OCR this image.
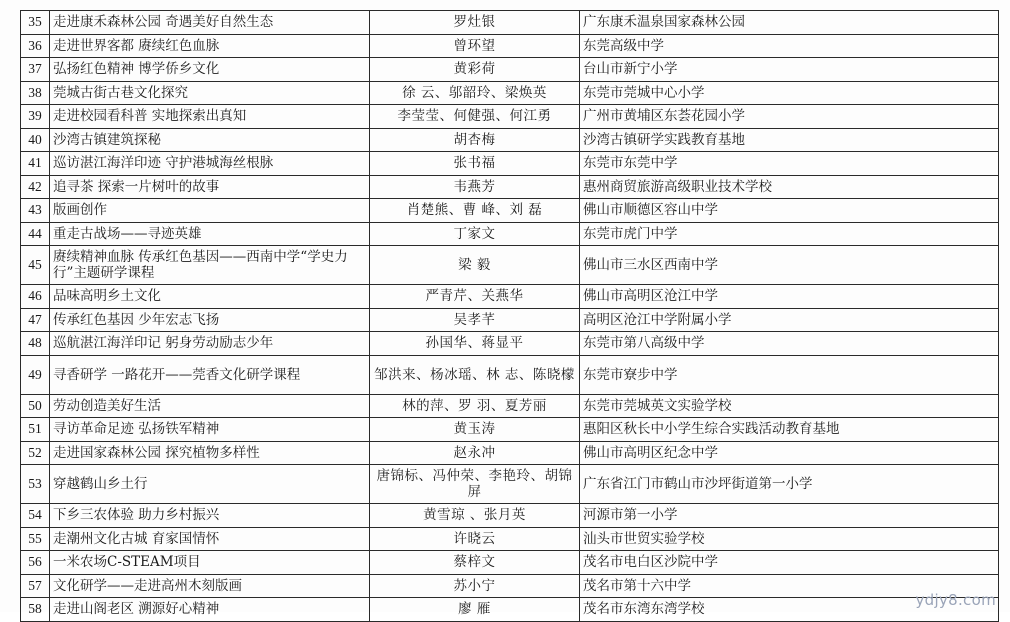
35	走进康禾森林公园 奇遇美好自然生态	罗灶银	广东康禾温泉国家森林公园
36	走进世界客都 赓续红色血脉	曾环望	东莞高级中学
37	弘扬红色精神 博学侨乡文化	黄彩荷	台山市新宁小学
38	莞城古街古巷文化探究	徐 云、邬韶玲、梁焕英	东莞市莞城中心小学
39	走进校园看科普 实地探索出真知	李莹莹、何健强、何江勇	广州市黄埔区东荟花园小学
40	沙湾古镇建筑探秘	胡杏梅	沙湾古镇研学实践教育基地
41	巡访湛江海洋印迹 守护港城海丝根脉	张书福	东莞市东莞中学
42	追寻茶 探索一片树叶的故事	韦燕芳	惠州商贸旅游高级职业技术学校
43	版画创作	肖楚熊、曹 峰、刘 磊	佛山市顺德区容山中学
44	重走古战场——寻迹英雄	丁家文	东莞市虎门中学
45	赓续精神血脉 传承红色基因——西南中学“学史力行”主题研学课程	梁 毅	佛山市三水区西南中学
46	品味高明乡土文化	严青芹、关燕华	佛山市高明区沧江中学
47	传承红色基因 少年宏志飞扬	吴孝芊	高明区沧江中学附属小学
48	巡航湛江海洋印记 躬身劳动励志少年	孙国华、蒋显平	东莞市第八高级中学
49	寻香研学 一路花开——莞香文化研学课程	邹洪来、杨冰瑶、林 志、陈晓檬	东莞市寮步中学
50	劳动创造美好生活	林的萍、罗 羽、夏芳丽	东莞市莞城英文实验学校
51	寻访革命足迹 弘扬铁军精神	黄玉涛	惠阳区秋长中小学生综合实践活动教育基地
52	走进国家森林公园 探究植物多样性	赵永冲	佛山市高明区纪念中学
53	穿越鹤山乡土行	唐锦标、冯仲荣、李艳玲、胡锦屏	广东省江门市鹤山市沙坪街道第一小学
54	下乡三农体验 助力乡村振兴	黄雪琼 、张月英	河源市第一小学
55	走潮州文化古城 育家国情怀	许晓云	汕头市世贸实验学校
56	一米农场C-STEAM项目	蔡梓文	茂名市电白区沙院中学
57	文化研学——走进高州木刻版画	苏小宁	茂名市第十六中学
58	走进山阁老区 溯源好心精神	廖 雁	茂名市东湾东湾学校
ydjy8.com
